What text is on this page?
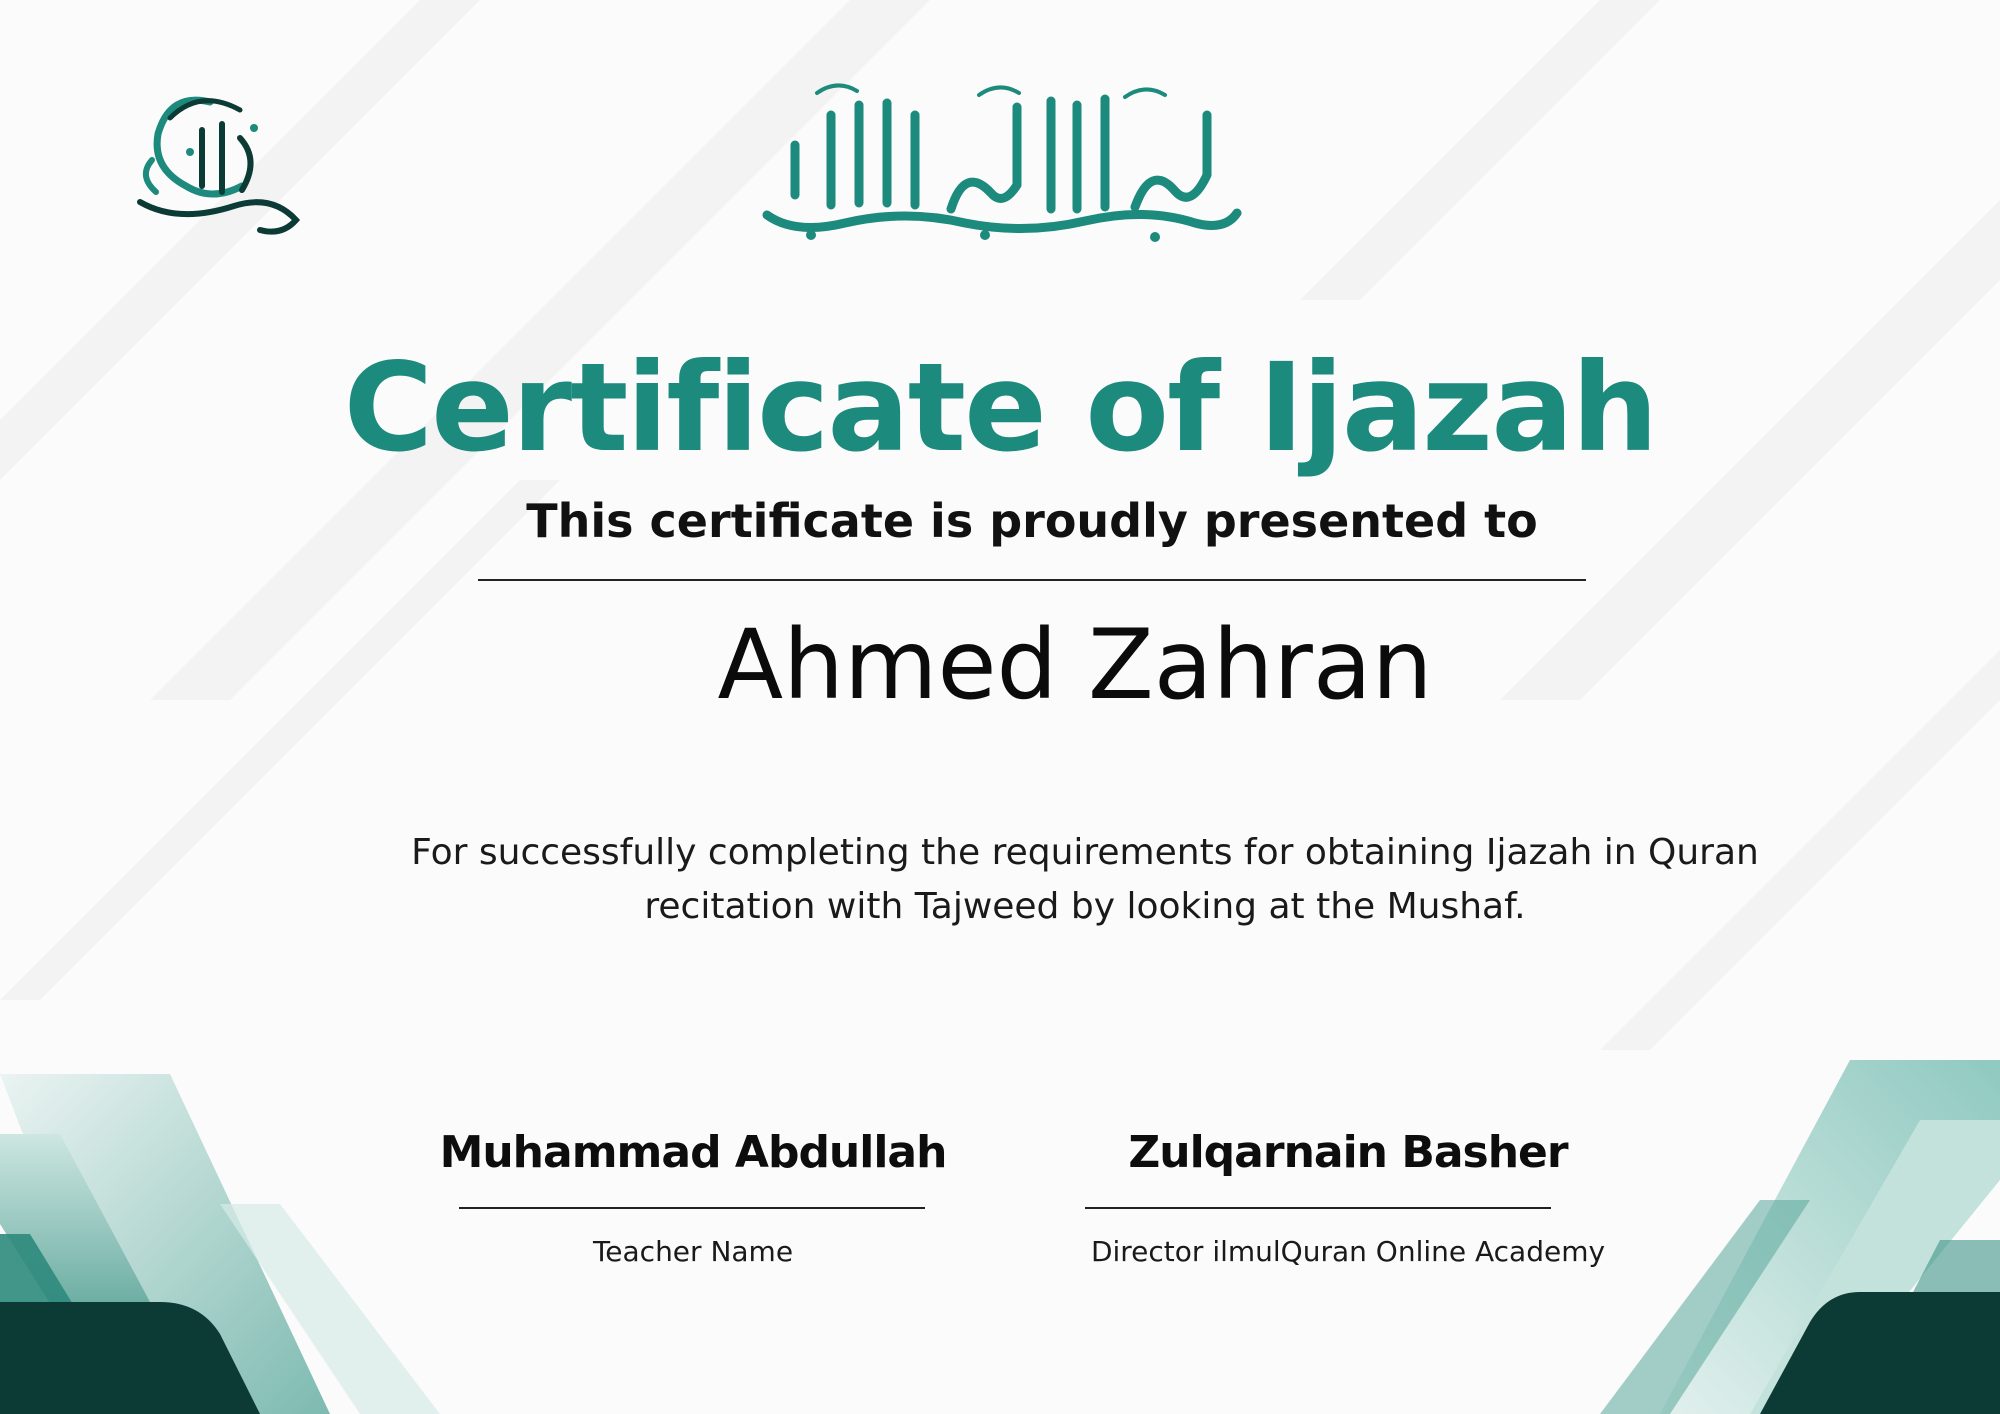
Certificate of Ijazah
This certificate is proudly presented to
Ahmed Zahran
For successfully completing the requirements for obtaining Ijazah in Quran recitation with Tajweed by looking at the Mushaf.
Muhammad Abdullah
Teacher Name
Zulqarnain Basher
Director ilmulQuran Online Academy
